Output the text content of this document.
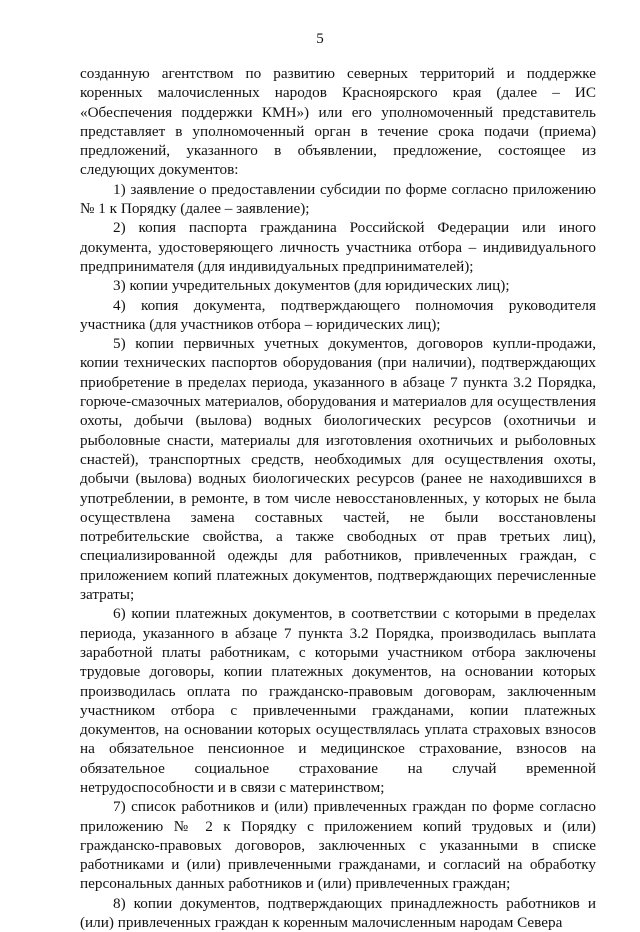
5

созданную агентством по развитию северных территорий и поддержке коренных малочисленных народов Красноярского края (далее – ИС «Обеспечения поддержки КМН») или его уполномоченный представитель представляет в уполномоченный орган в течение срока подачи (приема) предложений, указанного в объявлении, предложение, состоящее из следующих документов:

1) заявление о предоставлении субсидии по форме согласно приложению № 1 к Порядку (далее – заявление);

2) копия паспорта гражданина Российской Федерации или иного документа, удостоверяющего личность участника отбора – индивидуального предпринимателя (для индивидуальных предпринимателей);

3) копии учредительных документов (для юридических лиц);

4) копия документа, подтверждающего полномочия руководителя участника (для участников отбора – юридических лиц);

5) копии первичных учетных документов, договоров купли-продажи, копии технических паспортов оборудования (при наличии), подтверждающих приобретение в пределах периода, указанного в абзаце 7 пункта 3.2 Порядка, горюче-смазочных материалов, оборудования и материалов для осуществления охоты, добычи (вылова) водных биологических ресурсов (охотничьи и рыболовные снасти, материалы для изготовления охотничьих и рыболовных снастей), транспортных средств, необходимых для осуществления охоты, добычи (вылова) водных биологических ресурсов (ранее не находившихся в употреблении, в ремонте, в том числе невосстановленных, у которых не была осуществлена замена составных частей, не были восстановлены потребительские свойства, а также свободных от прав третьих лиц), специализированной одежды для работников, привлеченных граждан, с приложением копий платежных документов, подтверждающих перечисленные затраты;

6) копии платежных документов, в соответствии с которыми в пределах периода, указанного в абзаце 7 пункта 3.2 Порядка, производилась выплата заработной платы работникам, с которыми участником отбора заключены трудовые договоры, копии платежных документов, на основании которых производилась оплата по гражданско-правовым договорам, заключенным участником отбора с привлеченными гражданами, копии платежных документов, на основании которых осуществлялась уплата страховых взносов на обязательное пенсионное и медицинское страхование, взносов на обязательное социальное страхование на случай временной нетрудоспособности и в связи с материнством;

7) список работников и (или) привлеченных граждан по форме согласно приложению № 2 к Порядку с приложением копий трудовых и (или) гражданско-правовых договоров, заключенных с указанными в списке работниками и (или) привлеченными гражданами, и согласий на обработку персональных данных работников и (или) привлеченных граждан;

8) копии документов, подтверждающих принадлежность работников и (или) привлеченных граждан к коренным малочисленным народам Севера
